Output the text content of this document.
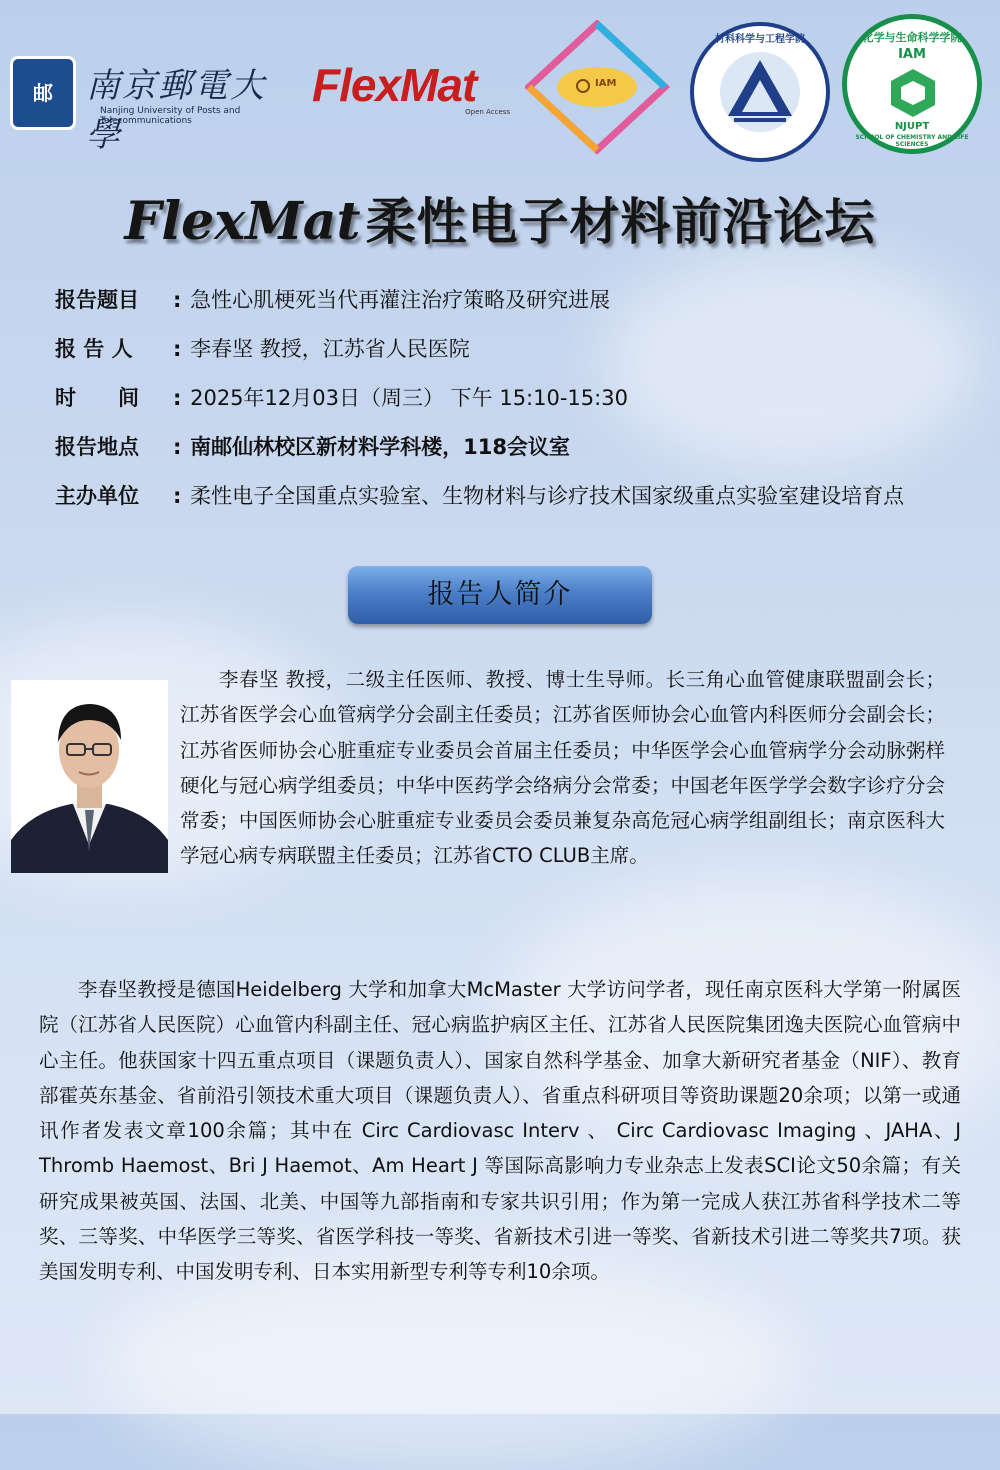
邮 南京郵電大學
Nanjing University of Posts and Telecommunications
FlexMat
Open Access
IAM
材料科学与工程学院	化学与生命科学学院
IAM
NJUPT
SCHOOL OF CHEMISTRY AND LIFE SCIENCES
FlexMat 柔性电子材料前沿论坛
报告题目 : 急性心肌梗死当代再灌注治疗策略及研究进展
报 告 人 : 李春坚 教授，江苏省人民医院
时　　间 : 2025年12月03日（周三） 下午 15:10-15:30
报告地点 : 南邮仙林校区新材料学科楼，118会议室
主办单位 : 柔性电子全国重点实验室、生物材料与诊疗技术国家级重点实验室建设培育点
报告人简介
李春坚 教授，二级主任医师、教授、博士生导师。长三角心血管健康联盟副会长；江苏省医学会心血管病学分会副主任委员；江苏省医师协会心血管内科医师分会副会长；江苏省医师协会心脏重症专业委员会首届主任委员；中华医学会心血管病学分会动脉粥样硬化与冠心病学组委员；中华中医药学会络病分会常委；中国老年医学学会数字诊疗分会常委；中国医师协会心脏重症专业委员会委员兼复杂高危冠心病学组副组长；南京医科大学冠心病专病联盟主任委员；江苏省CTO CLUB主席。
李春坚教授是德国Heidelberg 大学和加拿大McMaster 大学访问学者，现任南京医科大学第一附属医院（江苏省人民医院）心血管内科副主任、冠心病监护病区主任、江苏省人民医院集团逸夫医院心血管病中心主任。他获国家十四五重点项目（课题负责人）、国家自然科学基金、加拿大新研究者基金（NIF）、教育部霍英东基金、省前沿引领技术重大项目（课题负责人）、省重点科研项目等资助课题20余项；以第一或通讯作者发表文章100余篇；其中在 Circ Cardiovasc Interv 、 Circ Cardiovasc Imaging 、JAHA、J Thromb Haemost、Bri J Haemot、Am Heart J 等国际高影响力专业杂志上发表SCI论文50余篇；有关研究成果被英国、法国、北美、中国等九部指南和专家共识引用；作为第一完成人获江苏省科学技术二等奖、三等奖、中华医学三等奖、省医学科技一等奖、省新技术引进一等奖、省新技术引进二等奖共7项。获美国发明专利、中国发明专利、日本实用新型专利等专利10余项。
